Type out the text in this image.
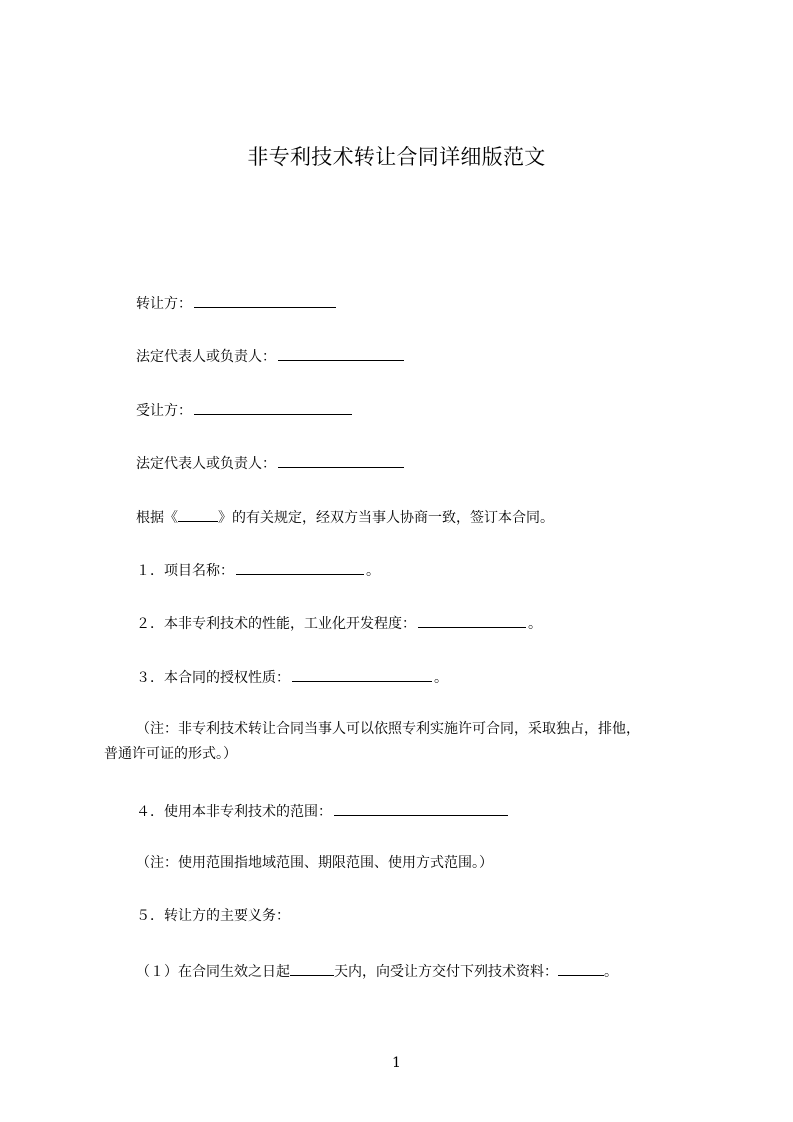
非专利技术转让合同详细版范文
转让方：
法定代表人或负责人：
受让方：
法定代表人或负责人：
根据《	》的有关规定，经双方当事人协商一致，签订本合同。
１．项目名称：	。
２．本非专利技术的性能，工业化开发程度：	。
３．本合同的授权性质：	。
（注：非专利技术转让合同当事人可以依照专利实施许可合同，采取独占，排他，
普通许可证的形式。）
４．使用本非专利技术的范围：
（注：使用范围指地域范围、期限范围、使用方式范围。）
５．转让方的主要义务：
（１）在合同生效之日起	天内，向受让方交付下列技术资料：	。
1
